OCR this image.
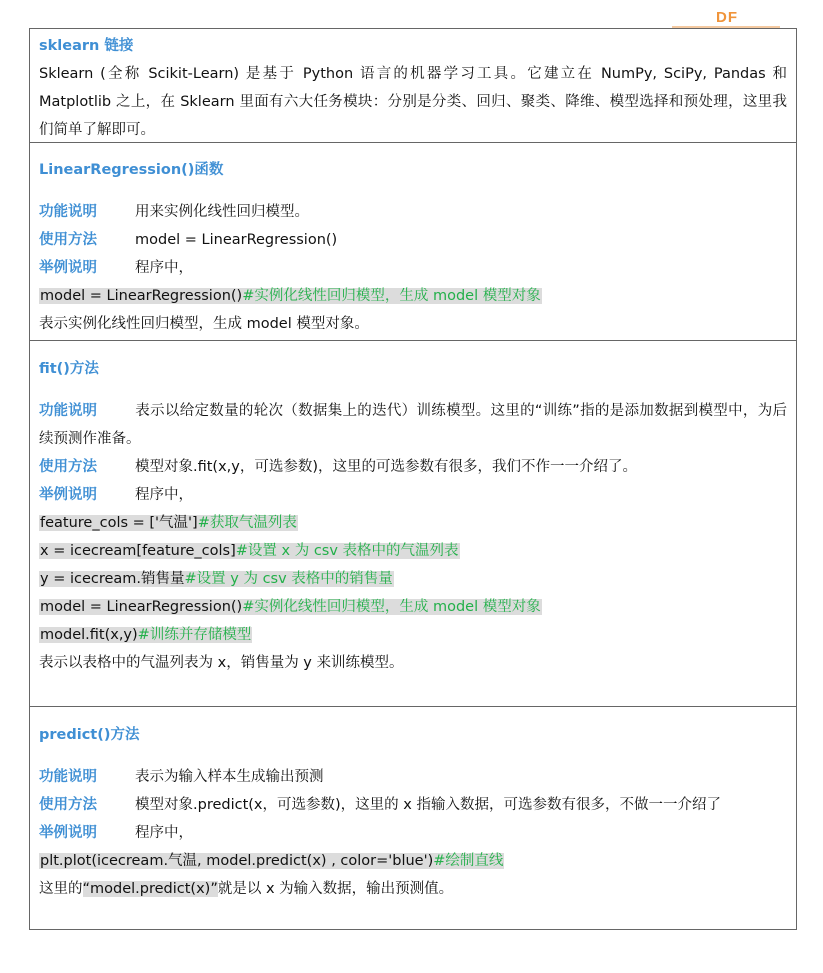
DF
sklearn 链接
Sklearn (全称 Scikit-Learn) 是基于 Python 语言的机器学习工具。它建立在 NumPy, SciPy, Pandas 和 Matplotlib 之上，在 Sklearn 里面有六大任务模块：分别是分类、回归、聚类、降维、模型选择和预处理，这里我们简单了解即可。
LinearRegression()函数
功能说明	用来实例化线性回归模型。
使用方法	model = LinearRegression()
举例说明	程序中，
model = LinearRegression()#实例化线性回归模型，生成 model 模型对象
表示实例化线性回归模型，生成 model 模型对象。
fit()方法
功能说明	表示以给定数量的轮次（数据集上的迭代）训练模型。这里的“训练”指的是添加数据到模型中，为后续预测作准备。
使用方法	模型对象.fit(x,y，可选参数)，这里的可选参数有很多，我们不作一一介绍了。
举例说明	程序中，
feature_cols = ['气温']#获取气温列表
x = icecream[feature_cols]#设置 x 为 csv 表格中的气温列表
y = icecream.销售量#设置 y 为 csv 表格中的销售量
model = LinearRegression()#实例化线性回归模型，生成 model 模型对象
model.fit(x,y)#训练并存储模型
表示以表格中的气温列表为 x，销售量为 y 来训练模型。
predict()方法
功能说明	表示为输入样本生成输出预测
使用方法	模型对象.predict(x，可选参数)，这里的 x 指输入数据，可选参数有很多，不做一一介绍了
举例说明	程序中，
plt.plot(icecream.气温, model.predict(x) , color='blue')#绘制直线
这里的“model.predict(x)”就是以 x 为输入数据，输出预测值。
